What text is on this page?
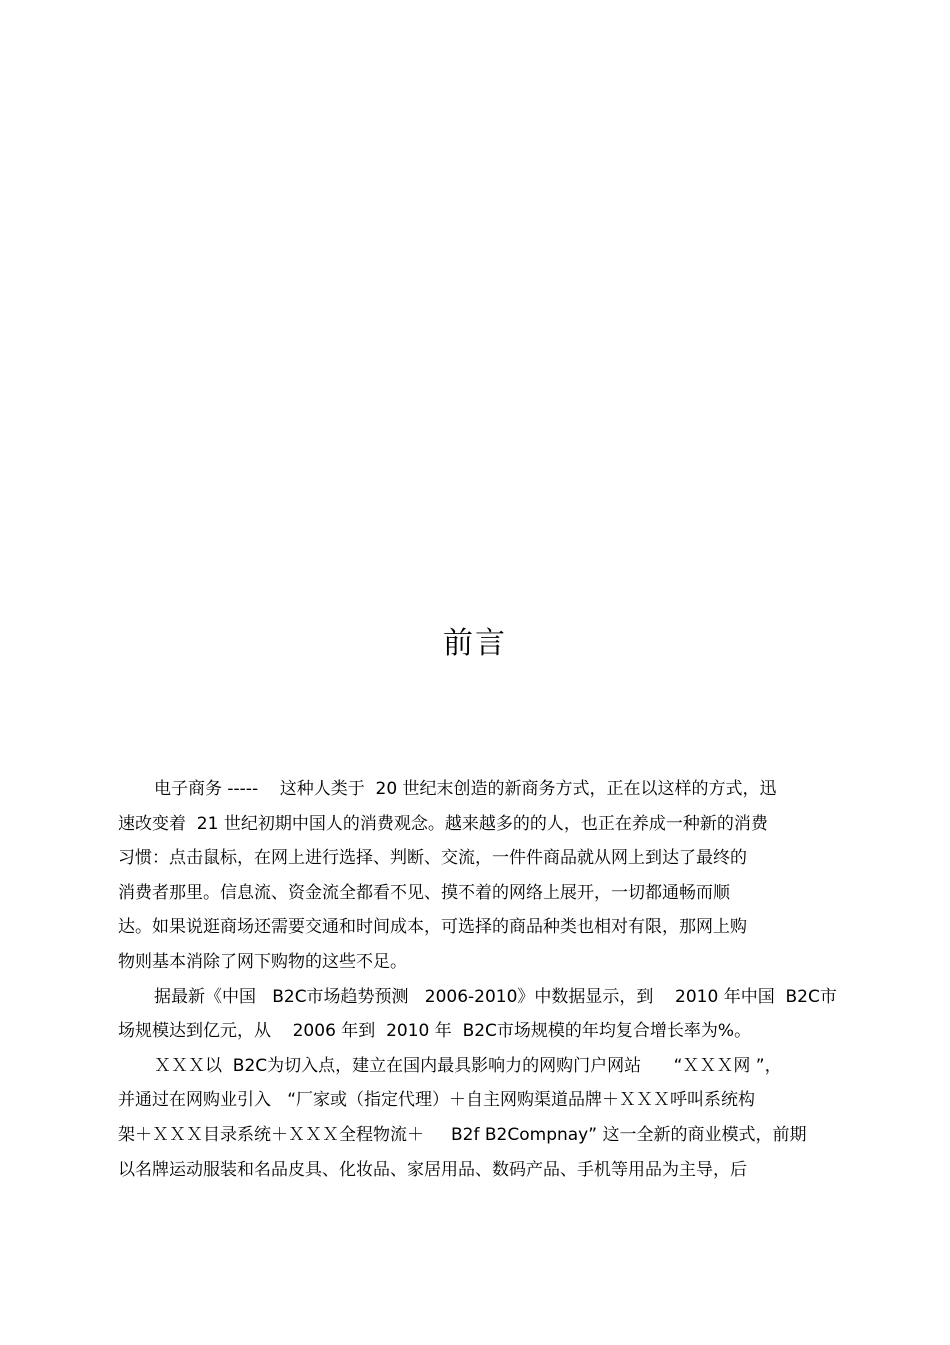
前言
电子商务 -----    这种人类于  20 世纪末创造的新商务方式，正在以这样的方式，迅
速改变着  21 世纪初期中国人的消费观念。越来越多的的人，也正在养成一种新的消费
习惯：点击鼠标，在网上进行选择、判断、交流，一件件商品就从网上到达了最终的
消费者那里。信息流、资金流全都看不见、摸不着的网络上展开，一切都通畅而顺
达。如果说逛商场还需要交通和时间成本，可选择的商品种类也相对有限，那网上购
物则基本消除了网下购物的这些不足。
据最新《中国   B2C市场趋势预测   2006-2010》中数据显示，到    2010 年中国  B2C市
场规模达到亿元，从    2006 年到  2010 年  B2C市场规模的年均复合增长率为%。
ＸＸＸ以  B2C为切入点，建立在国内最具影响力的网购门户网站      “ＸＸＸ网 ”，
并通过在网购业引入   “厂家或（指定代理）＋自主网购渠道品牌＋ＸＸＸ呼叫系统构
架＋ＸＸＸ目录系统＋ＸＸＸ全程物流＋     B2f B2Compnay” 这一全新的商业模式，前期
以名牌运动服装和名品皮具、化妆品、家居用品、数码产品、手机等用品为主导，后
